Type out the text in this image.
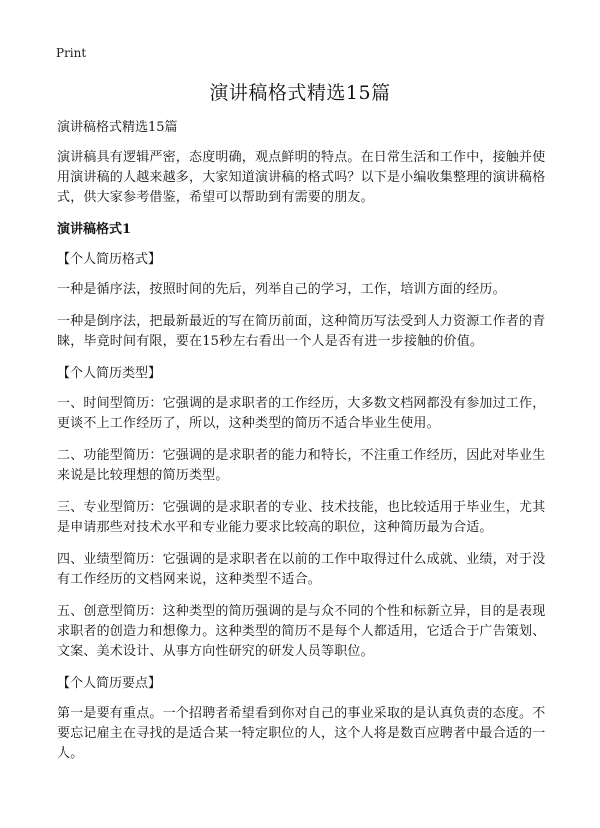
Print
演讲稿格式精选15篇
演讲稿格式精选15篇
演讲稿具有逻辑严密，态度明确，观点鲜明的特点。在日常生活和工作中，接触并使用演讲稿的人越来越多，大家知道演讲稿的格式吗？以下是小编收集整理的演讲稿格式，供大家参考借鉴，希望可以帮助到有需要的朋友。
演讲稿格式1
【个人简历格式】
一种是循序法，按照时间的先后，列举自己的学习，工作，培训方面的经历。
一种是倒序法，把最新最近的写在简历前面，这种简历写法受到人力资源工作者的青睐，毕竟时间有限，要在15秒左右看出一个人是否有进一步接触的价值。
【个人简历类型】
一、时间型简历：它强调的是求职者的工作经历，大多数文档网都没有参加过工作，更谈不上工作经历了，所以，这种类型的简历不适合毕业生使用。
二、功能型简历：它强调的是求职者的能力和特长，不注重工作经历，因此对毕业生来说是比较理想的简历类型。
三、专业型简历：它强调的是求职者的专业、技术技能，也比较适用于毕业生，尤其是申请那些对技术水平和专业能力要求比较高的职位，这种简历最为合适。
四、业绩型简历：它强调的是求职者在以前的工作中取得过什么成就、业绩，对于没有工作经历的文档网来说，这种类型不适合。
五、创意型简历：这种类型的简历强调的是与众不同的个性和标新立异，目的是表现求职者的创造力和想像力。这种类型的简历不是每个人都适用，它适合于广告策划、文案、美术设计、从事方向性研究的研发人员等职位。
【个人简历要点】
第一是要有重点。一个招聘者希望看到你对自己的事业采取的是认真负责的态度。不要忘记雇主在寻找的是适合某一特定职位的人，这个人将是数百应聘者中最合适的一人。
